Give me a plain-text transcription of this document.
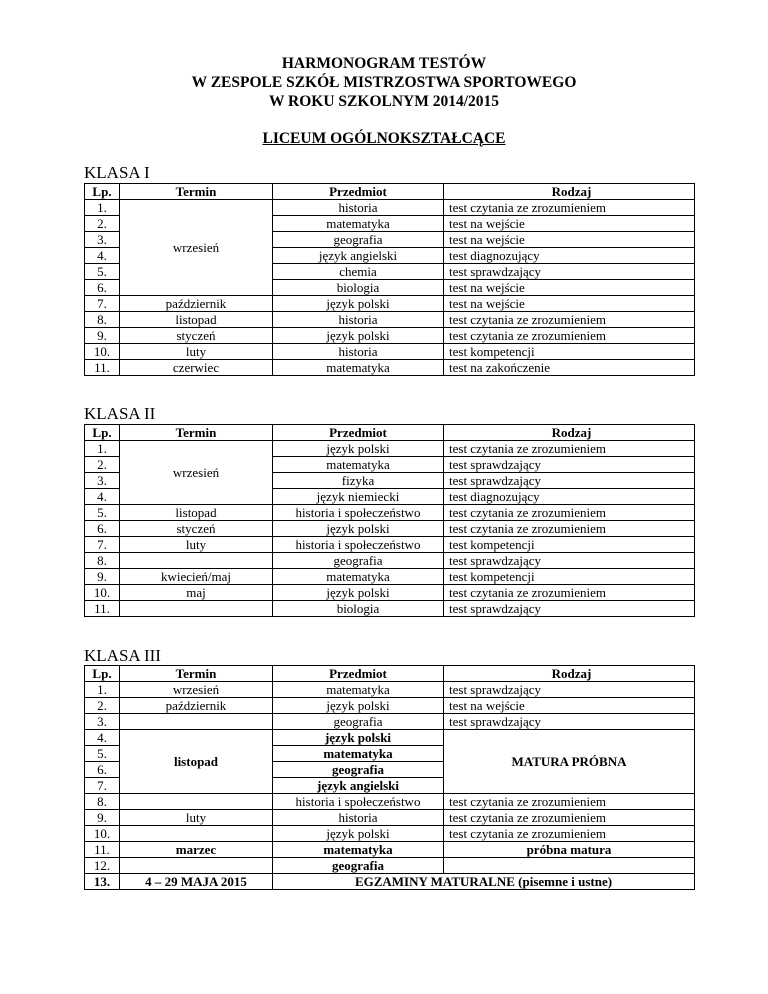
HARMONOGRAM TESTÓW
W ZESPOLE SZKÓŁ MISTRZOSTWA SPORTOWEGO
W ROKU SZKOLNYM 2014/2015
LICEUM OGÓLNOKSZTAŁCĄCE
KLASA I
Lp.	Termin	Przedmiot	Rodzaj
1.	wrzesień	historia	test czytania ze zrozumieniem
2.		matematyka	test na wejście
3.		geografia	test na wejście
4.		język angielski	test diagnozujący
5.		chemia	test sprawdzający
6.		biologia	test na wejście
7.	październik	język polski	test na wejście
8.	listopad	historia	test czytania ze zrozumieniem
9.	styczeń	język polski	test czytania ze zrozumieniem
10.	luty	historia	test kompetencji
11.	czerwiec	matematyka	test na zakończenie
KLASA II
Lp.	Termin	Przedmiot	Rodzaj
1.	wrzesień	język polski	test czytania ze zrozumieniem
2.		matematyka	test sprawdzający
3.		fizyka	test sprawdzający
4.		język niemiecki	test diagnozujący
5.	listopad	historia i społeczeństwo	test czytania ze zrozumieniem
6.	styczeń	język polski	test czytania ze zrozumieniem
7.	luty	historia i społeczeństwo	test kompetencji
8.		geografia	test sprawdzający
9.	kwiecień/maj	matematyka	test kompetencji
10.	maj	język polski	test czytania ze zrozumieniem
11.		biologia	test sprawdzający
KLASA III
Lp.	Termin	Przedmiot	Rodzaj
1.	wrzesień	matematyka	test sprawdzający
2.	październik	język polski	test na wejście
3.		geografia	test sprawdzający
4.	listopad	język polski	MATURA PRÓBNA
5.		matematyka	
6.		geografia	
7.		język angielski	
8.		historia i społeczeństwo	test czytania ze zrozumieniem
9.	luty	historia	test czytania ze zrozumieniem
10.		język polski	test czytania ze zrozumieniem
11.	marzec	matematyka	próbna matura
12.		geografia	
13.	4 – 29 MAJA 2015	EGZAMINY MATURALNE (pisemne i ustne)	
